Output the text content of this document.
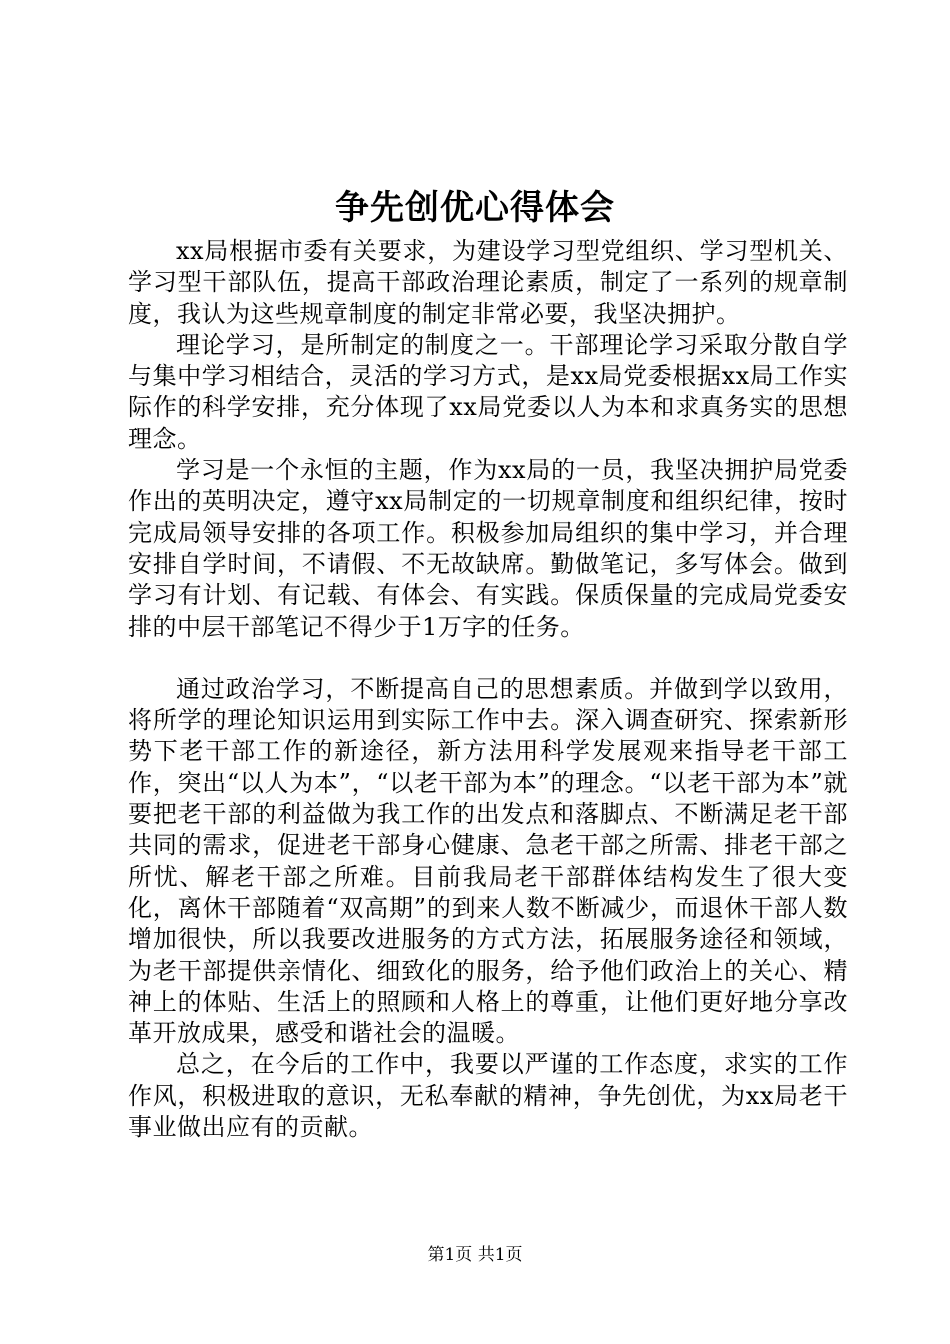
争先创优心得体会

xx局根据市委有关要求，为建设学习型党组织、学习型机关、学习型干部队伍，提高干部政治理论素质，制定了一系列的规章制度，我认为这些规章制度的制定非常必要，我坚决拥护。

理论学习，是所制定的制度之一。干部理论学习采取分散自学与集中学习相结合，灵活的学习方式，是xx局党委根据xx局工作实际作的科学安排，充分体现了xx局党委以人为本和求真务实的思想理念。

学习是一个永恒的主题，作为xx局的一员，我坚决拥护局党委作出的英明决定，遵守xx局制定的一切规章制度和组织纪律，按时完成局领导安排的各项工作。积极参加局组织的集中学习，并合理安排自学时间，不请假、不无故缺席。勤做笔记，多写体会。做到学习有计划、有记载、有体会、有实践。保质保量的完成局党委安排的中层干部笔记不得少于1万字的任务。

通过政治学习，不断提高自己的思想素质。并做到学以致用，将所学的理论知识运用到实际工作中去。深入调查研究、探索新形势下老干部工作的新途径，新方法用科学发展观来指导老干部工作，突出“以人为本”，“以老干部为本”的理念。“以老干部为本”就要把老干部的利益做为我工作的出发点和落脚点、不断满足老干部共同的需求，促进老干部身心健康、急老干部之所需、排老干部之所忧、解老干部之所难。目前我局老干部群体结构发生了很大变化，离休干部随着“双高期”的到来人数不断减少，而退休干部人数增加很快，所以我要改进服务的方式方法，拓展服务途径和领域，为老干部提供亲情化、细致化的服务，给予他们政治上的关心、精神上的体贴、生活上的照顾和人格上的尊重，让他们更好地分享改革开放成果，感受和谐社会的温暖。

总之，在今后的工作中，我要以严谨的工作态度，求实的工作作风，积极进取的意识，无私奉献的精神，争先创优，为xx局老干事业做出应有的贡献。

第1页 共1页
